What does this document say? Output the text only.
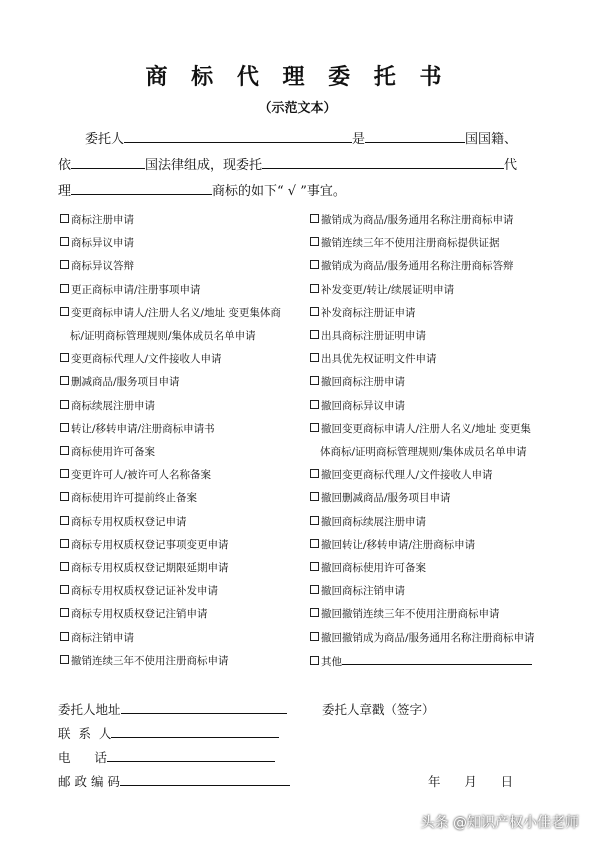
商 标 代 理 委 托 书
（示范文本）
委托人	是	国国籍、
依	国法律组成，现委托	代
理	商标的如下“ √ ”事宜。
商标注册申请
商标异议申请
商标异议答辩
更正商标申请/注册事项申请
变更商标申请人/注册人名义/地址 变更集体商
标/证明商标管理规则/集体成员名单申请
变更商标代理人/文件接收人申请
删减商品/服务项目申请
商标续展注册申请
转让/移转申请/注册商标申请书
商标使用许可备案
变更许可人/被许可人名称备案
商标使用许可提前终止备案
商标专用权质权登记申请
商标专用权质权登记事项变更申请
商标专用权质权登记期限延期申请
商标专用权质权登记证补发申请
商标专用权质权登记注销申请
商标注销申请
撤销连续三年不使用注册商标申请
撤销成为商品/服务通用名称注册商标申请
撤销连续三年不使用注册商标提供证据
撤销成为商品/服务通用名称注册商标答辩
补发变更/转让/续展证明申请
补发商标注册证申请
出具商标注册证明申请
出具优先权证明文件申请
撤回商标注册申请
撤回商标异议申请
撤回变更商标申请人/注册人名义/地址 变更集
体商标/证明商标管理规则/集体成员名单申请
撤回变更商标代理人/文件接收人申请
撤回删减商品/服务项目申请
撤回商标续展注册申请
撤回转让/移转申请/注册商标申请
撤回商标使用许可备案
撤回商标注销申请
撤回撤销连续三年不使用注册商标申请
撤回撤销成为商品/服务通用名称注册商标申请
其他
委托人地址
联  系  人
电      话
邮 政 编 码
委托人章戳（签字）
年      月      日
头条 @知识产权小佳老师
